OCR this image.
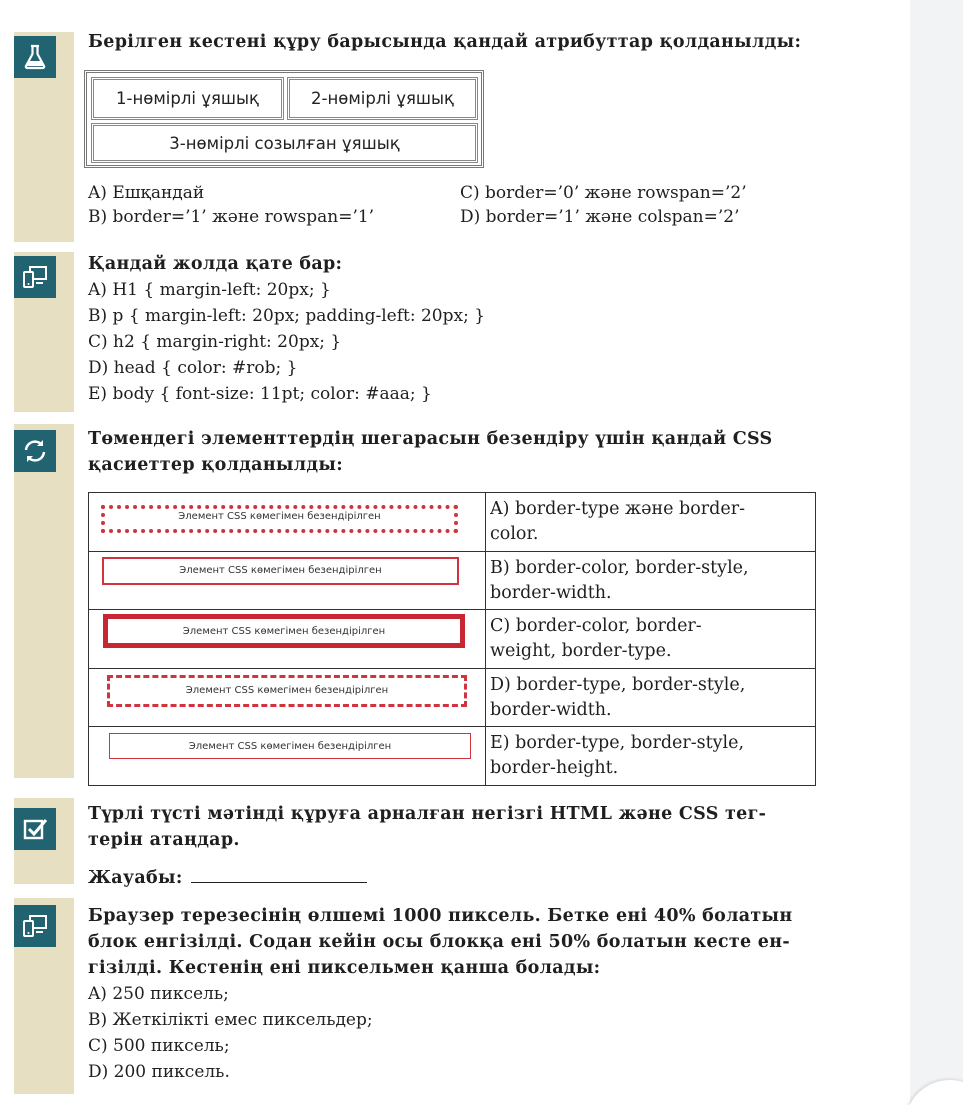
Берілген кестені құру барысында қандай атрибуттар қолданылды:
1-нөмірлі ұяшық	2-нөмірлі ұяшық
3-нөмірлі созылған ұяшық
A) Ешқандай	C) border=’0’ және rowspan=’2’
B) border=’1’ және rowspan=’1’	D) border=’1’ және colspan=’2’
Қандай жолда қате бар:
A) H1 { margin-left: 20px; }
B) p { margin-left: 20px; padding-left: 20px; }
C) h2 { margin-right: 20px; }
D) head { color: #rob; }
E) body { font-size: 11pt; color: #aaa; }
Төмендегі элементтердің шегарасын безендіру үшін қандай CSS
қасиеттер қолданылды:
Элемент CSS көмегімен безендірілген	A) border-type және border-
color.

Элемент CSS көмегімен безендірілген	B) border-color, border-style,
border-width.

Элемент CSS көмегімен безендірілген	C) border-color, border-
weight, border-type.

Элемент CSS көмегімен безендірілген	D) border-type, border-style,
border-width.

Элемент CSS көмегімен безендірілген	E) border-type, border-style,
border-height.
Түрлі түсті мәтінді құруға арналған негізгі HTML және CSS тег-
терін атаңдар.
Жауабы:
Браузер терезесінің өлшемі 1000 пиксель. Бетке ені 40% болатын
блок енгізілді. Содан кейін осы блокқа ені 50% болатын кесте ен-
гізілді. Кестенің ені пиксельмен қанша болады:
A) 250 пиксель;
B) Жеткілікті емес пиксельдер;
C) 500 пиксель;
D) 200 пиксель.
